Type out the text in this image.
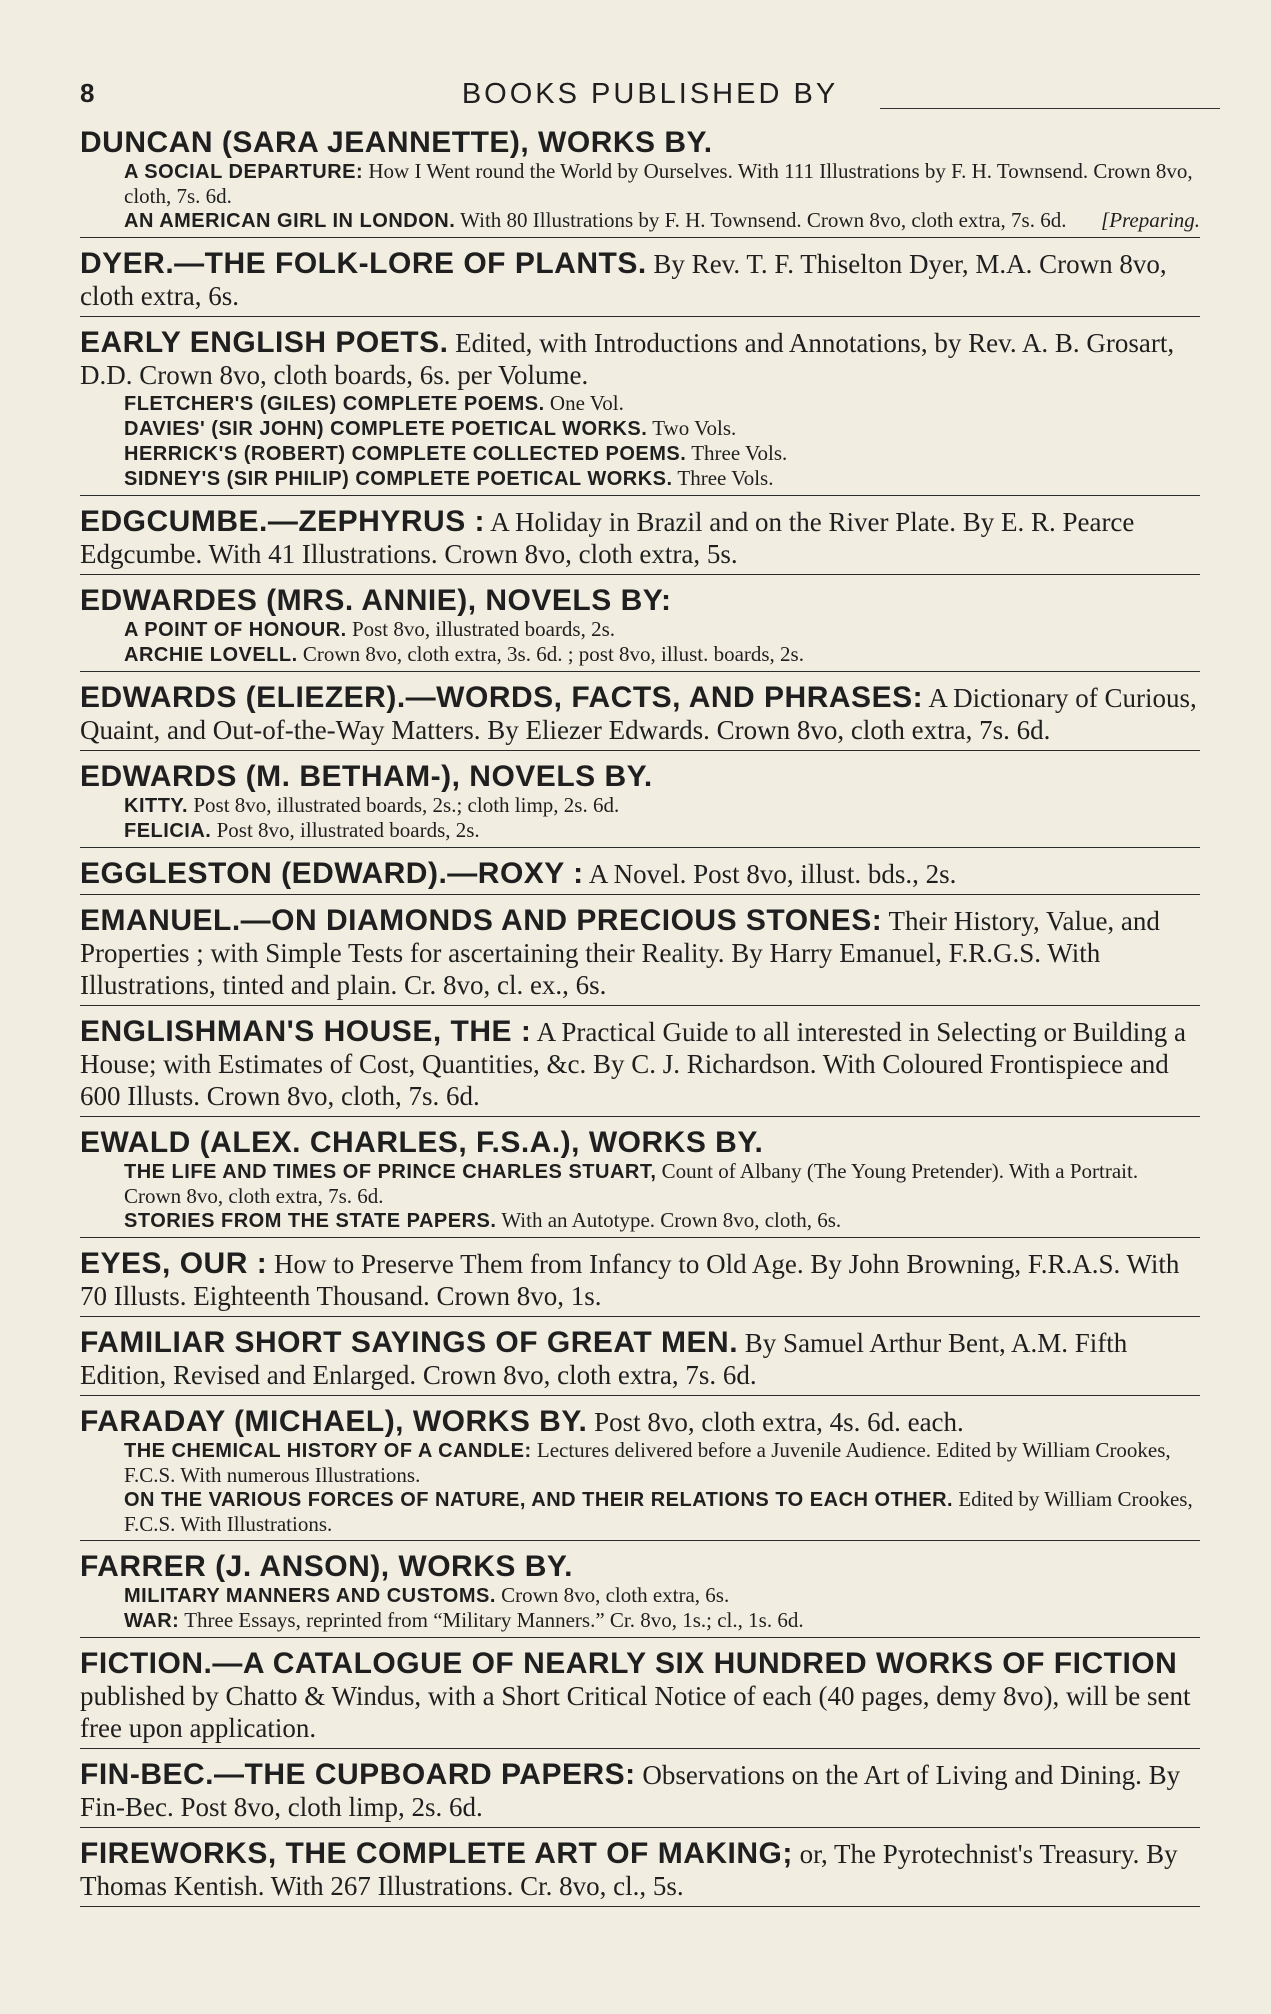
8	BOOKS PUBLISHED BY

DUNCAN (SARA JEANNETTE), WORKS BY.

A SOCIAL DEPARTURE: How I Went round the World by Ourselves. With 111 Illustrations by F. H. Townsend. Crown 8vo, cloth, 7s. 6d.

AN AMERICAN GIRL IN LONDON. With 80 Illustrations by F. H. Townsend. Crown 8vo, cloth extra, 7s. 6d. [Preparing.

DYER.—THE FOLK-LORE OF PLANTS. By Rev. T. F. Thiselton Dyer, M.A. Crown 8vo, cloth extra, 6s.

EARLY ENGLISH POETS. Edited, with Introductions and Annotations, by Rev. A. B. Grosart, D.D. Crown 8vo, cloth boards, 6s. per Volume.

FLETCHER'S (GILES) COMPLETE POEMS. One Vol.

DAVIES' (SIR JOHN) COMPLETE POETICAL WORKS. Two Vols.

HERRICK'S (ROBERT) COMPLETE COLLECTED POEMS. Three Vols.

SIDNEY'S (SIR PHILIP) COMPLETE POETICAL WORKS. Three Vols.

EDGCUMBE.—ZEPHYRUS : A Holiday in Brazil and on the River Plate. By E. R. Pearce Edgcumbe. With 41 Illustrations. Crown 8vo, cloth extra, 5s.

EDWARDES (MRS. ANNIE), NOVELS BY:

A POINT OF HONOUR. Post 8vo, illustrated boards, 2s.

ARCHIE LOVELL. Crown 8vo, cloth extra, 3s. 6d. ; post 8vo, illust. boards, 2s.

EDWARDS (ELIEZER).—WORDS, FACTS, AND PHRASES: A Dictionary of Curious, Quaint, and Out-of-the-Way Matters. By Eliezer Edwards. Crown 8vo, cloth extra, 7s. 6d.

EDWARDS (M. BETHAM-), NOVELS BY.

KITTY. Post 8vo, illustrated boards, 2s.; cloth limp, 2s. 6d.

FELICIA. Post 8vo, illustrated boards, 2s.

EGGLESTON (EDWARD).—ROXY : A Novel. Post 8vo, illust. bds., 2s.

EMANUEL.—ON DIAMONDS AND PRECIOUS STONES: Their History, Value, and Properties ; with Simple Tests for ascertaining their Reality. By Harry Emanuel, F.R.G.S. With Illustrations, tinted and plain. Cr. 8vo, cl. ex., 6s.

ENGLISHMAN'S HOUSE, THE : A Practical Guide to all interested in Selecting or Building a House; with Estimates of Cost, Quantities, &c. By C. J. Richardson. With Coloured Frontispiece and 600 Illusts. Crown 8vo, cloth, 7s. 6d.

EWALD (ALEX. CHARLES, F.S.A.), WORKS BY.

THE LIFE AND TIMES OF PRINCE CHARLES STUART, Count of Albany (The Young Pretender). With a Portrait. Crown 8vo, cloth extra, 7s. 6d.

STORIES FROM THE STATE PAPERS. With an Autotype. Crown 8vo, cloth, 6s.

EYES, OUR : How to Preserve Them from Infancy to Old Age. By John Browning, F.R.A.S. With 70 Illusts. Eighteenth Thousand. Crown 8vo, 1s.

FAMILIAR SHORT SAYINGS OF GREAT MEN. By Samuel Arthur Bent, A.M. Fifth Edition, Revised and Enlarged. Crown 8vo, cloth extra, 7s. 6d.

FARADAY (MICHAEL), WORKS BY. Post 8vo, cloth extra, 4s. 6d. each.

THE CHEMICAL HISTORY OF A CANDLE: Lectures delivered before a Juvenile Audience. Edited by William Crookes, F.C.S. With numerous Illustrations.

ON THE VARIOUS FORCES OF NATURE, AND THEIR RELATIONS TO EACH OTHER. Edited by William Crookes, F.C.S. With Illustrations.

FARRER (J. ANSON), WORKS BY.

MILITARY MANNERS AND CUSTOMS. Crown 8vo, cloth extra, 6s.

WAR: Three Essays, reprinted from “Military Manners.” Cr. 8vo, 1s.; cl., 1s. 6d.

FICTION.—A CATALOGUE OF NEARLY SIX HUNDRED WORKS OF FICTION published by Chatto & Windus, with a Short Critical Notice of each (40 pages, demy 8vo), will be sent free upon application.

FIN-BEC.—THE CUPBOARD PAPERS: Observations on the Art of Living and Dining. By Fin-Bec. Post 8vo, cloth limp, 2s. 6d.

FIREWORKS, THE COMPLETE ART OF MAKING; or, The Pyrotechnist's Treasury. By Thomas Kentish. With 267 Illustrations. Cr. 8vo, cl., 5s.
